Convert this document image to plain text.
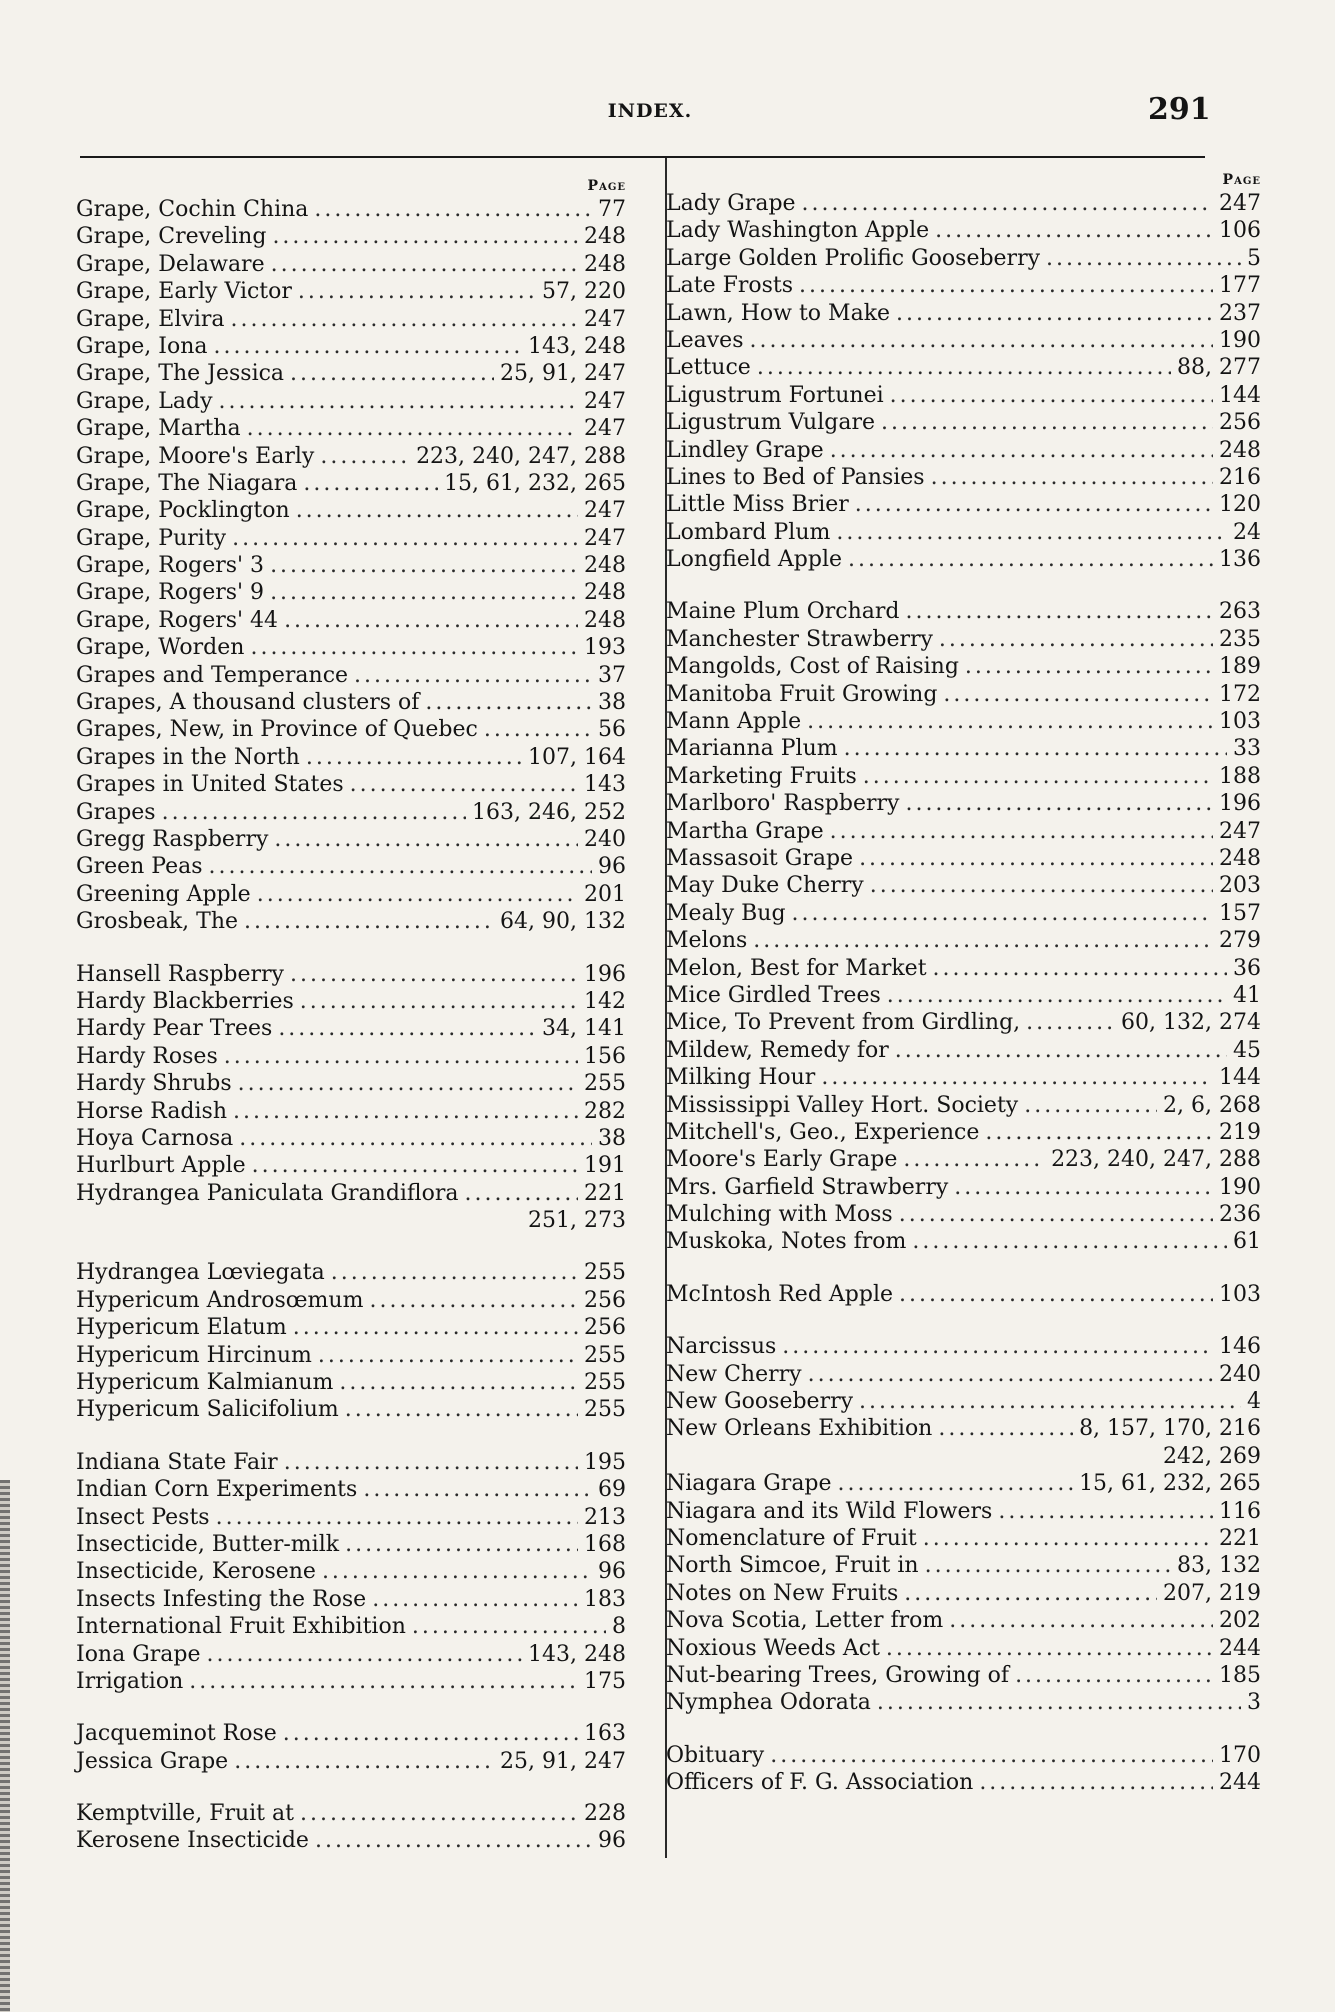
INDEX.	291
Page
Grape, Cochin China .....	77
Grape, Creveling .....	248
Grape, Delaware .....	248
Grape, Early Victor .....	57, 220
Grape, Elvira .....	247
Grape, Iona .....	143, 248
Grape, The Jessica .....	25, 91, 247
Grape, Lady .....	247
Grape, Martha .....	247
Grape, Moore's Early .....	223, 240, 247, 288
Grape, The Niagara .....	15, 61, 232, 265
Grape, Pocklington .....	247
Grape, Purity .....	247
Grape, Rogers' 3 .....	248
Grape, Rogers' 9 .....	248
Grape, Rogers' 44 .....	248
Grape, Worden .....	193
Grapes and Temperance .....	37
Grapes, A thousand clusters of .....	38
Grapes, New, in Province of Quebec .....	56
Grapes in the North .....	107, 164
Grapes in United States .....	143
Grapes .....	163, 246, 252
Gregg Raspberry .....	240
Green Peas .....	96
Greening Apple .....	201
Grosbeak, The .....	64, 90, 132
Hansell Raspberry .....	196
Hardy Blackberries .....	142
Hardy Pear Trees .....	34, 141
Hardy Roses .....	156
Hardy Shrubs .....	255
Horse Radish .....	282
Hoya Carnosa .....	38
Hurlburt Apple .....	191
Hydrangea Paniculata Grandiflora .....	221
251, 273
Hydrangea Lœviegata .....	255
Hypericum Androsœmum .....	256
Hypericum Elatum .....	256
Hypericum Hircinum .....	255
Hypericum Kalmianum .....	255
Hypericum Salicifolium .....	255
Indiana State Fair .....	195
Indian Corn Experiments .....	69
Insect Pests .....	213
Insecticide, Butter-milk .....	168
Insecticide, Kerosene .....	96
Insects Infesting the Rose .....	183
International Fruit Exhibition .....	8
Iona Grape .....	143, 248
Irrigation .....	175
Jacqueminot Rose .....	163
Jessica Grape .....	25, 91, 247
Kemptville, Fruit at .....	228
Kerosene Insecticide .....	96
Page
Lady Grape .....	247
Lady Washington Apple .....	106
Large Golden Prolific Gooseberry .....	5
Late Frosts .....	177
Lawn, How to Make .....	237
Leaves .....	190
Lettuce .....	88, 277
Ligustrum Fortunei .....	144
Ligustrum Vulgare .....	256
Lindley Grape .....	248
Lines to Bed of Pansies .....	216
Little Miss Brier .....	120
Lombard Plum .....	24
Longfield Apple .....	136
Maine Plum Orchard .....	263
Manchester Strawberry .....	235
Mangolds, Cost of Raising .....	189
Manitoba Fruit Growing .....	172
Mann Apple .....	103
Marianna Plum .....	33
Marketing Fruits .....	188
Marlboro' Raspberry .....	196
Martha Grape .....	247
Massasoit Grape .....	248
May Duke Cherry .....	203
Mealy Bug .....	157
Melons .....	279
Melon, Best for Market .....	36
Mice Girdled Trees .....	41
Mice, To Prevent from Girdling, .....	60, 132, 274
Mildew, Remedy for .....	45
Milking Hour .....	144
Mississippi Valley Hort. Society .....	2, 6, 268
Mitchell's, Geo., Experience .....	219
Moore's Early Grape .....	223, 240, 247, 288
Mrs. Garfield Strawberry .....	190
Mulching with Moss .....	236
Muskoka, Notes from .....	61
McIntosh Red Apple .....	103
Narcissus .....	146
New Cherry .....	240
New Gooseberry .....	4
New Orleans Exhibition .....	8, 157, 170, 216
242, 269
Niagara Grape .....	15, 61, 232, 265
Niagara and its Wild Flowers .....	116
Nomenclature of Fruit .....	221
North Simcoe, Fruit in .....	83, 132
Notes on New Fruits .....	207, 219
Nova Scotia, Letter from .....	202
Noxious Weeds Act .....	244
Nut-bearing Trees, Growing of .....	185
Nymphea Odorata .....	3
Obituary .....	170
Officers of F. G. Association .....	244
